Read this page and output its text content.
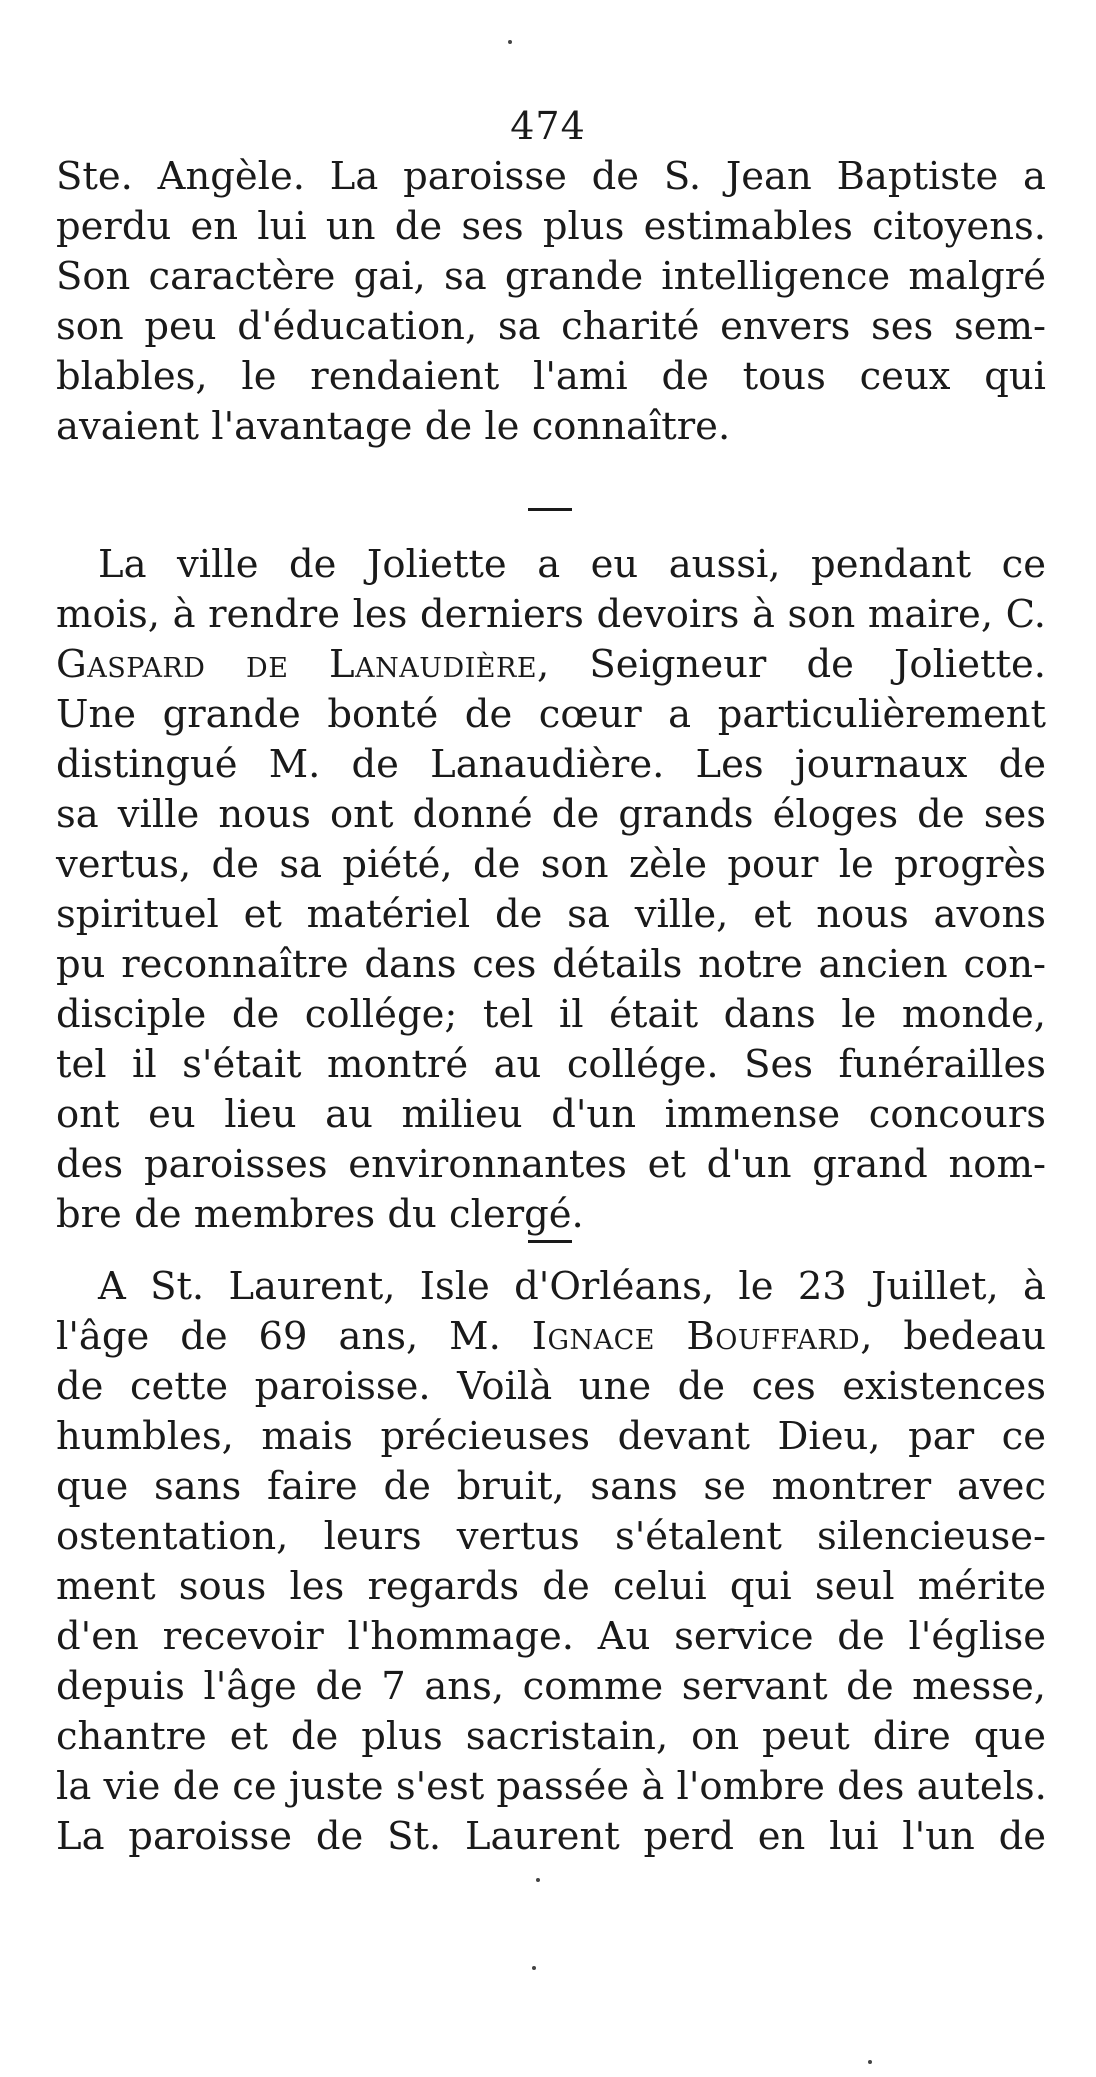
474

Ste. Angèle. La paroisse de S. Jean Baptiste a
perdu en lui un de ses plus estimables citoyens.
Son caractère gai, sa grande intelligence malgré
son peu d'éducation, sa charité envers ses sem-
blables, le rendaient l'ami de tous ceux qui
avaient l'avantage de le connaître.

La ville de Joliette a eu aussi, pendant ce
mois, à rendre les derniers devoirs à son maire, C.
Gaspard de Lanaudière, Seigneur de Joliette.
Une grande bonté de cœur a particulièrement
distingué M. de Lanaudière. Les journaux de
sa ville nous ont donné de grands éloges de ses
vertus, de sa piété, de son zèle pour le progrès
spirituel et matériel de sa ville, et nous avons
pu reconnaître dans ces détails notre ancien con-
disciple de collége; tel il était dans le monde,
tel il s'était montré au collége. Ses funérailles
ont eu lieu au milieu d'un immense concours
des paroisses environnantes et d'un grand nom-
bre de membres du clergé.

A St. Laurent, Isle d'Orléans, le 23 Juillet, à
l'âge de 69 ans, M. Ignace Bouffard, bedeau
de cette paroisse. Voilà une de ces existences
humbles, mais précieuses devant Dieu, par ce
que sans faire de bruit, sans se montrer avec
ostentation, leurs vertus s'étalent silencieuse-
ment sous les regards de celui qui seul mérite
d'en recevoir l'hommage. Au service de l'église
depuis l'âge de 7 ans, comme servant de messe,
chantre et de plus sacristain, on peut dire que
la vie de ce juste s'est passée à l'ombre des autels.
La paroisse de St. Laurent perd en lui l'un de
